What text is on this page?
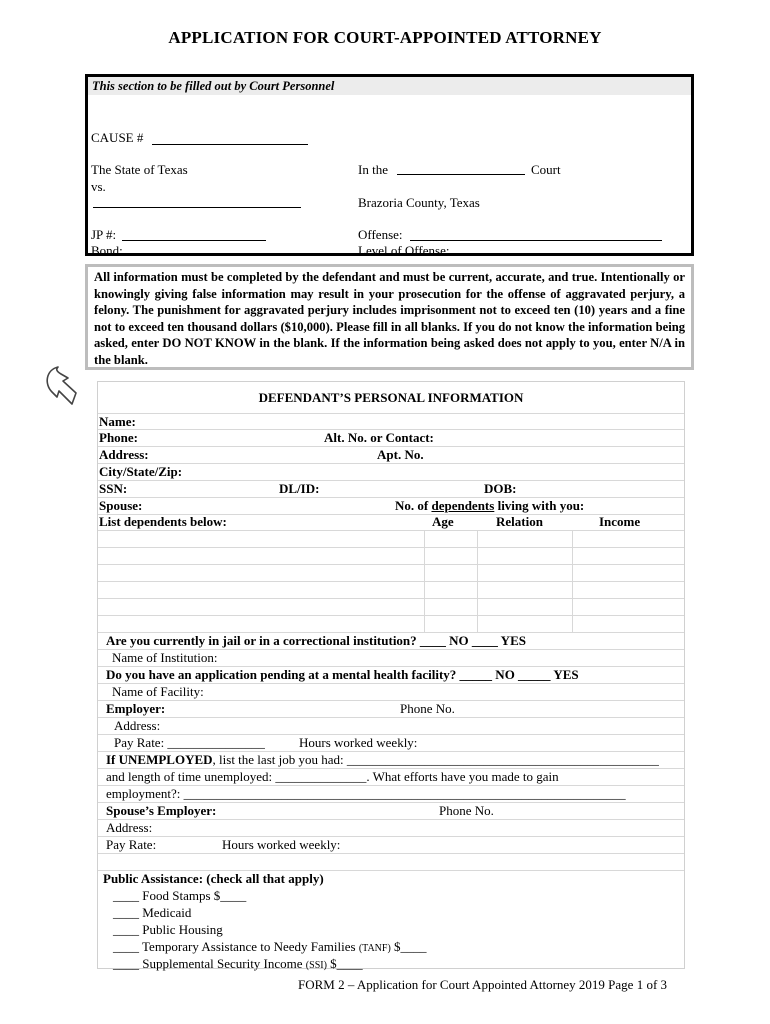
APPLICATION FOR COURT-APPOINTED ATTORNEY
This section to be filled out by Court Personnel
CAUSE #
The State of Texas
vs.
In the	Court
Brazoria County, Texas
JP #:
Bond:
Offense:
Level of Offense:
All information must be completed by the defendant and must be current, accurate, and true. Intentionally or knowingly giving false information may result in your prosecution for the offense of aggravated perjury, a felony. The punishment for aggravated perjury includes imprisonment not to exceed ten (10) years and a fine not to exceed ten thousand dollars ($10,000). Please fill in all blanks. If you do not know the information being asked, enter DO NOT KNOW in the blank. If the information being asked does not apply to you, enter N/A in the blank.
DEFENDANT’S PERSONAL INFORMATION
Name:
Phone:	Alt. No. or Contact:
Address:	Apt. No.
City/State/Zip:
SSN:	DL/ID:	DOB:
Spouse:	No. of dependents living with you:
List dependents below:	Age	Relation	Income
Are you currently in jail or in a correctional institution? ____ NO ____ YES
Name of Institution:
Do you have an application pending at a mental health facility? _____ NO _____ YES
Name of Facility:
Employer:	Phone No.
Address:
Pay Rate: _______________	Hours worked weekly:
If UNEMPLOYED, list the last job you had: ________________________________________________
and length of time unemployed: ______________. What efforts have you made to gain
employment?: ____________________________________________________________________
Spouse’s Employer:	Phone No.
Address:
Pay Rate:	Hours worked weekly:
Public Assistance: (check all that apply)
____ Food Stamps $____
____ Medicaid
____ Public Housing
____ Temporary Assistance to Needy Families (TANF) $____
____ Supplemental Security Income (SSI) $____
FORM 2 – Application for Court Appointed Attorney 2019 Page 1 of 3
